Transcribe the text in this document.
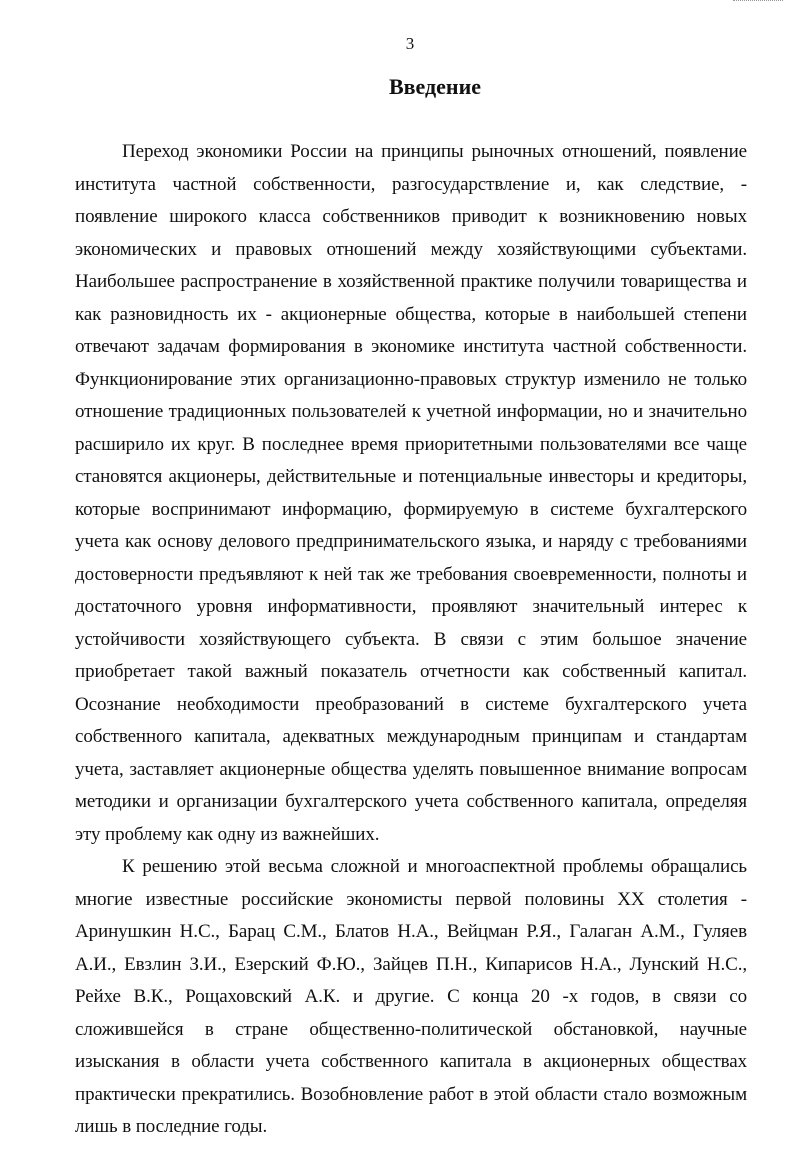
3
Введение

Переход экономики России на принципы рыночных отношений, появление института частной собственности, разгосударствление и, как следствие, - появление широкого класса собственников приводит к возникновению новых экономических и правовых отношений между хозяйствующими субъектами. Наибольшее распространение в хозяйственной практике получили товарищества и как разновидность их - акционерные общества, которые в наибольшей степени отвечают задачам формирования в экономике института частной собственности. Функционирование этих организационно-правовых структур изменило не только отношение традиционных пользователей к учетной информации, но и значительно расширило их круг. В последнее время приоритетными пользователями все чаще становятся акционеры, действительные и потенциальные инвесторы и кредиторы, которые воспринимают информацию, формируемую в системе бухгалтерского учета как основу делового предпринимательского языка, и наряду с требованиями достоверности предъявляют к ней так же требования своевременности, полноты и достаточного уровня информативности, проявляют значительный интерес к устойчивости хозяйствующего субъекта. В связи с этим большое значение приобретает такой важный показатель отчетности как собственный капитал. Осознание необходимости преобразований в системе бухгалтерского учета собственного капитала, адекватных международным принципам и стандартам учета, заставляет акционерные общества уделять повышенное внимание вопросам методики и организации бухгалтерского учета собственного капитала, определяя эту проблему как одну из важнейших.

К решению этой весьма сложной и многоаспектной проблемы обращались многие известные российские экономисты первой половины XX столетия - Аринушкин Н.С., Барац С.М., Блатов Н.А., Вейцман Р.Я., Галаган А.М., Гуляев А.И., Евзлин З.И., Езерский Ф.Ю., Зайцев П.Н., Кипарисов Н.А., Лунский Н.С., Рейхе В.К., Рощаховский А.К. и другие. С конца 20 -х годов, в связи со сложившейся в стране общественно-политической обстановкой, научные изыскания в области учета собственного капитала в акционерных обществах практически прекратились. Возобновление работ в этой области стало возможным лишь в последние годы.
